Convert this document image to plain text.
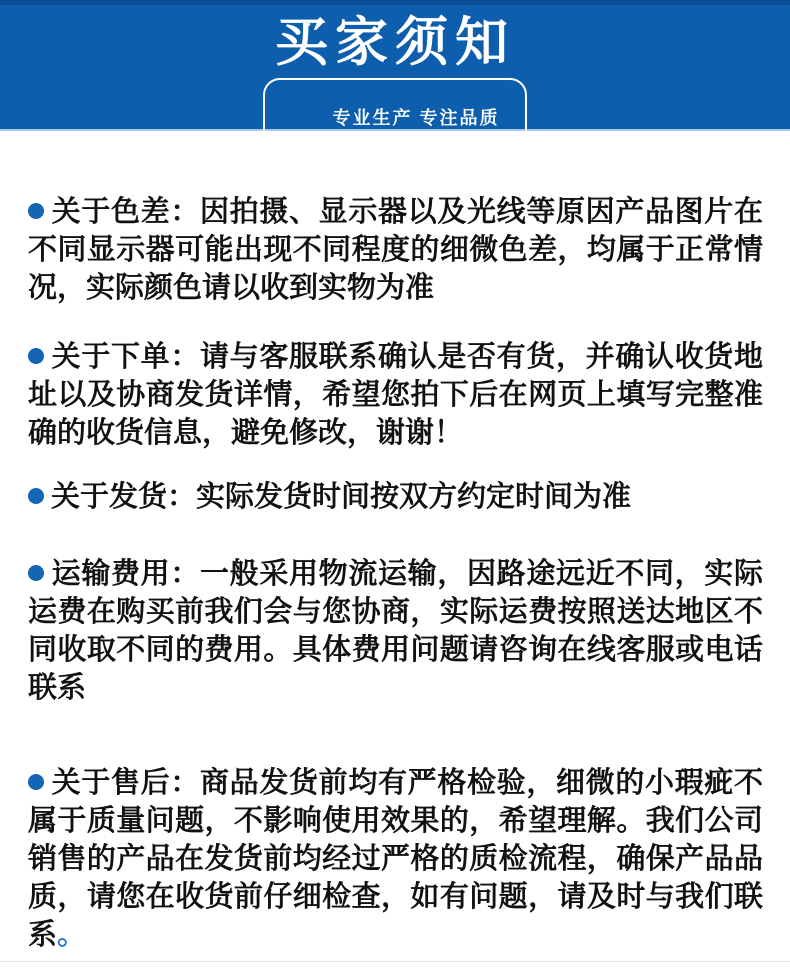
买家须知

专业生产 专注品质

关于色差：因拍摄、显示器以及光线等原因产品图片在不同显示器可能出现不同程度的细微色差，均属于正常情况，实际颜色请以收到实物为准

关于下单：请与客服联系确认是否有货，并确认收货地址以及协商发货详情，希望您拍下后在网页上填写完整准确的收货信息，避免修改，谢谢！

关于发货：实际发货时间按双方约定时间为准

运输费用：一般采用物流运输，因路途远近不同，实际运费在购买前我们会与您协商，实际运费按照送达地区不同收取不同的费用。具体费用问题请咨询在线客服或电话联系

关于售后：商品发货前均有严格检验，细微的小瑕疵不属于质量问题，不影响使用效果的，希望理解。我们公司销售的产品在发货前均经过严格的质检流程，确保产品品质，请您在收货前仔细检查，如有问题，请及时与我们联系。
